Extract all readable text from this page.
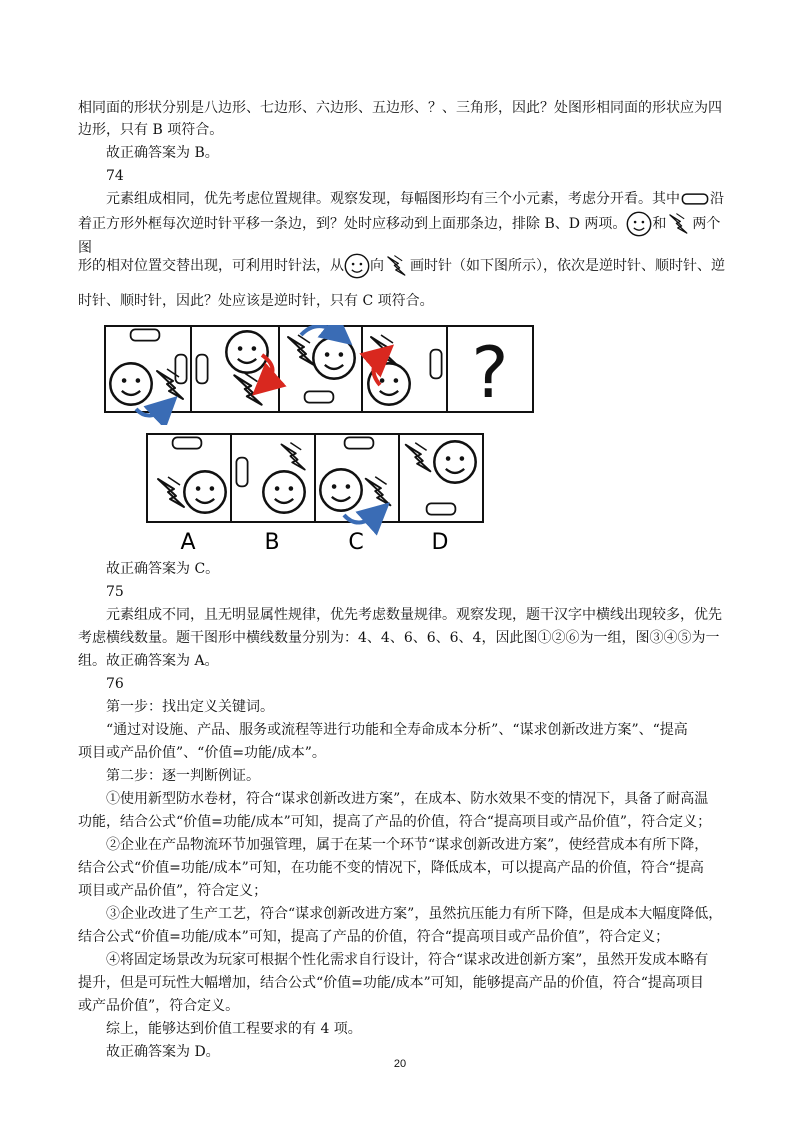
相同面的形状分别是八边形、七边形、六边形、五边形、？、三角形，因此？处图形相同面的形状应为四

边形，只有 B 项符合。

故正确答案为 B。

74

元素组成相同，优先考虑位置规律。观察发现，每幅图形均有三个小元素，考虑分开看。其中 沿

着正方形外框每次逆时针平移一条边，到？处时应移动到上面那条边，排除 B、D 两项。 和 两个图

形的相对位置交替出现，可利用时针法，从 向 画时针（如下图所示），依次是逆时针、顺时针、逆

时针、顺时针，因此？处应该是逆时针，只有 C 项符合。

?
A	B	C	D

故正确答案为 C。

75

元素组成不同，且无明显属性规律，优先考虑数量规律。观察发现，题干汉字中横线出现较多，优先

考虑横线数量。题干图形中横线数量分别为：4、4、6、6、6、4，因此图①②⑥为一组，图③④⑤为一组。 故正确答案为 A。

76

第一步：找出定义关键词。

“通过对设施、产品、服务或流程等进行功能和全寿命成本分析”、“谋求创新改进方案”、“提高

项目或产品价值”、“价值=功能/成本”。

第二步：逐一判断例证。

①使用新型防水卷材，符合“谋求创新改进方案”，在成本、防水效果不变的情况下，具备了耐高温

功能，结合公式“价值=功能/成本”可知，提高了产品的价值，符合“提高项目或产品价值”，符合定义；

②企业在产品物流环节加强管理，属于在某一个环节“谋求创新改进方案”，使经营成本有所下降，

结合公式“价值=功能/成本”可知，在功能不变的情况下，降低成本，可以提高产品的价值，符合“提高

项目或产品价值”，符合定义；

③企业改进了生产工艺，符合“谋求创新改进方案”，虽然抗压能力有所下降，但是成本大幅度降低，

结合公式“价值=功能/成本”可知，提高了产品的价值，符合“提高项目或产品价值”，符合定义；

④将固定场景改为玩家可根据个性化需求自行设计，符合“谋求改进创新方案”，虽然开发成本略有

提升，但是可玩性大幅增加，结合公式“价值=功能/成本”可知，能够提高产品的价值，符合“提高项目

或产品价值”，符合定义。

综上，能够达到价值工程要求的有 4 项。

故正确答案为 D。

20
